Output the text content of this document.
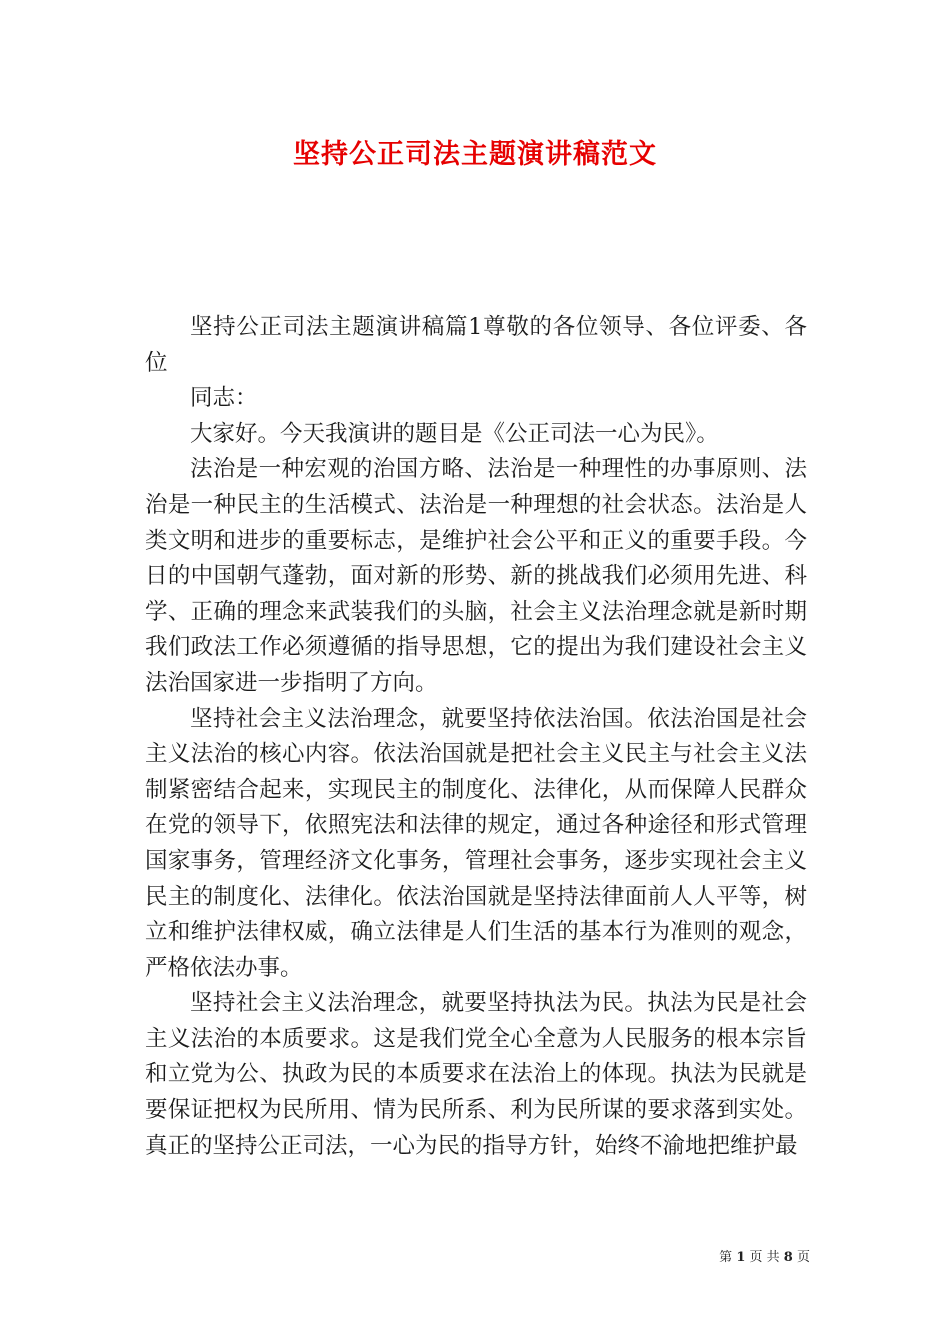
坚持公正司法主题演讲稿范文

坚持公正司法主题演讲稿篇1尊敬的各位领导、各位评委、各位

同志：

大家好。今天我演讲的题目是《公正司法一心为民》。

法治是一种宏观的治国方略、法治是一种理性的办事原则、法治是一种民主的生活模式、法治是一种理想的社会状态。法治是人类文明和进步的重要标志，是维护社会公平和正义的重要手段。今日的中国朝气蓬勃，面对新的形势、新的挑战我们必须用先进、科学、正确的理念来武装我们的头脑，社会主义法治理念就是新时期我们政法工作必须遵循的指导思想，它的提出为我们建设社会主义法治国家进一步指明了方向。

坚持社会主义法治理念，就要坚持依法治国。依法治国是社会主义法治的核心内容。依法治国就是把社会主义民主与社会主义法制紧密结合起来，实现民主的制度化、法律化，从而保障人民群众在党的领导下，依照宪法和法律的规定，通过各种途径和形式管理国家事务，管理经济文化事务，管理社会事务，逐步实现社会主义民主的制度化、法律化。依法治国就是坚持法律面前人人平等，树立和维护法律权威，确立法律是人们生活的基本行为准则的观念，严格依法办事。

坚持社会主义法治理念，就要坚持执法为民。执法为民是社会主义法治的本质要求。这是我们党全心全意为人民服务的根本宗旨和立党为公、执政为民的本质要求在法治上的体现。执法为民就是要保证把权为民所用、情为民所系、利为民所谋的要求落到实处。真正的坚持公正司法，一心为民的指导方针，始终不渝地把维护最

第 1 页 共 8 页
